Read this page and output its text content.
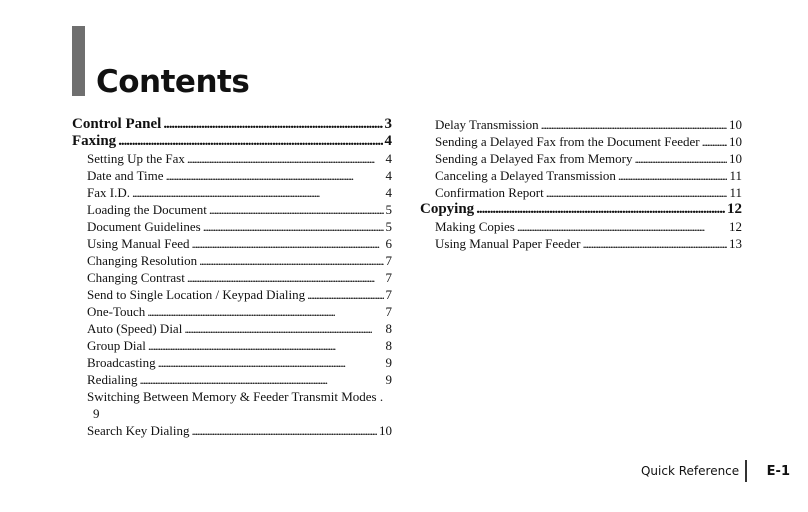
Contents
Control Panel . . .	3
Faxing . . .	4
Setting Up the Fax . . .	4
Date and Time . . .	4
Fax I.D. . . .	4
Loading the Document . . .	5
Document Guidelines . . .	5
Using Manual Feed . . .	6
Changing Resolution . . .	7
Changing Contrast . . .	7
Send to Single Location / Keypad Dialing . . .	7
One-Touch . . .	7
Auto (Speed) Dial . . .	8
Group Dial . . .	8
Broadcasting . . .	9
Redialing . . .	9
Switching Between Memory & Feeder Transmit Modes .
9
Search Key Dialing . . .	10
Delay Transmission . . .	10
Sending a Delayed Fax from the Document Feeder . . . 10
Sending a Delayed Fax from Memory . . .	10
Canceling a Delayed Transmission . . .	11
Confirmation Report . . .	11
Copying . . .	12
Making Copies . . .	12
Using Manual Paper Feeder . . .	13
Quick Reference E-1
